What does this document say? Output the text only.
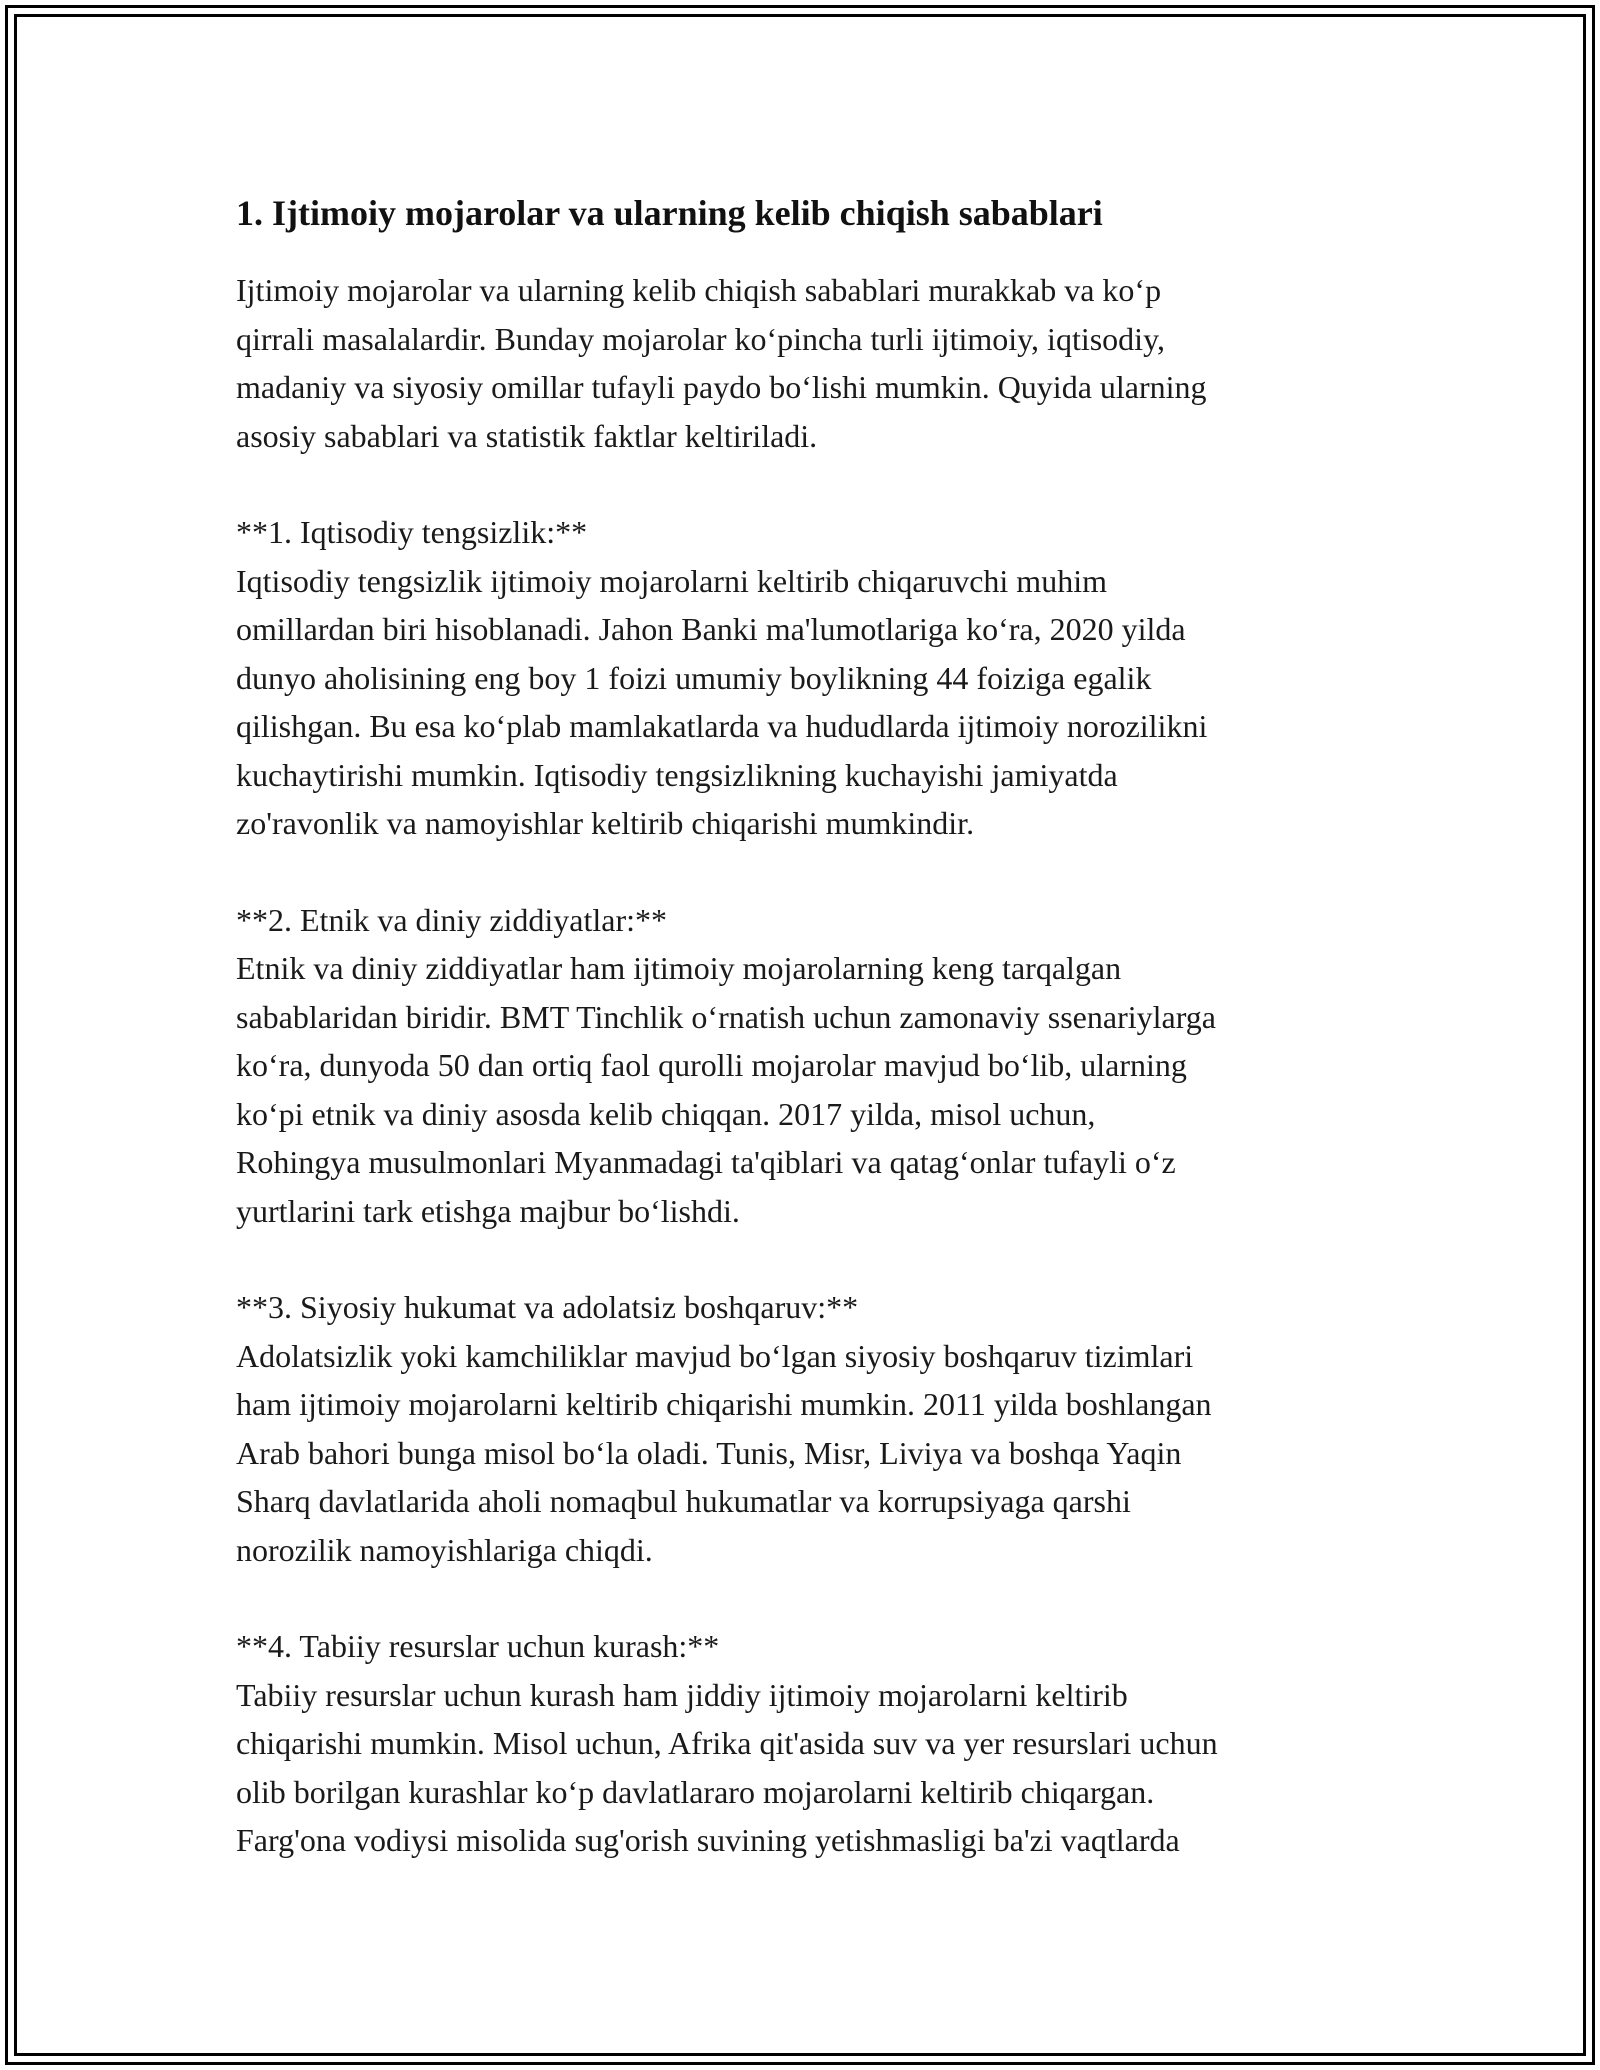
1. Ijtimoiy mojarolar va ularning kelib chiqish sabablari

Ijtimoiy mojarolar va ularning kelib chiqish sabablari murakkab va ko‘p
qirrali masalalardir. Bunday mojarolar ko‘pincha turli ijtimoiy, iqtisodiy,
madaniy va siyosiy omillar tufayli paydo bo‘lishi mumkin. Quyida ularning
asosiy sabablari va statistik faktlar keltiriladi.

**1. Iqtisodiy tengsizlik:**

Iqtisodiy tengsizlik ijtimoiy mojarolarni keltirib chiqaruvchi muhim
omillardan biri hisoblanadi. Jahon Banki ma'lumotlariga ko‘ra, 2020 yilda
dunyo aholisining eng boy 1 foizi umumiy boylikning 44 foiziga egalik
qilishgan. Bu esa ko‘plab mamlakatlarda va hududlarda ijtimoiy norozilikni
kuchaytirishi mumkin. Iqtisodiy tengsizlikning kuchayishi jamiyatda
zo'ravonlik va namoyishlar keltirib chiqarishi mumkindir.

**2. Etnik va diniy ziddiyatlar:**

Etnik va diniy ziddiyatlar ham ijtimoiy mojarolarning keng tarqalgan
sabablaridan biridir. BMT Tinchlik o‘rnatish uchun zamonaviy ssenariylarga
ko‘ra, dunyoda 50 dan ortiq faol qurolli mojarolar mavjud bo‘lib, ularning
ko‘pi etnik va diniy asosda kelib chiqqan. 2017 yilda, misol uchun,
Rohingya musulmonlari Myanmadagi ta'qiblari va qatag‘onlar tufayli o‘z
yurtlarini tark etishga majbur bo‘lishdi.

**3. Siyosiy hukumat va adolatsiz boshqaruv:**

Adolatsizlik yoki kamchiliklar mavjud bo‘lgan siyosiy boshqaruv tizimlari
ham ijtimoiy mojarolarni keltirib chiqarishi mumkin. 2011 yilda boshlangan
Arab bahori bunga misol bo‘la oladi. Tunis, Misr, Liviya va boshqa Yaqin
Sharq davlatlarida aholi nomaqbul hukumatlar va korrupsiyaga qarshi
norozilik namoyishlariga chiqdi.

**4. Tabiiy resurslar uchun kurash:**

Tabiiy resurslar uchun kurash ham jiddiy ijtimoiy mojarolarni keltirib
chiqarishi mumkin. Misol uchun, Afrika qit'asida suv va yer resurslari uchun
olib borilgan kurashlar ko‘p davlatlararo mojarolarni keltirib chiqargan.
Farg'ona vodiysi misolida sug'orish suvining yetishmasligi ba'zi vaqtlarda
